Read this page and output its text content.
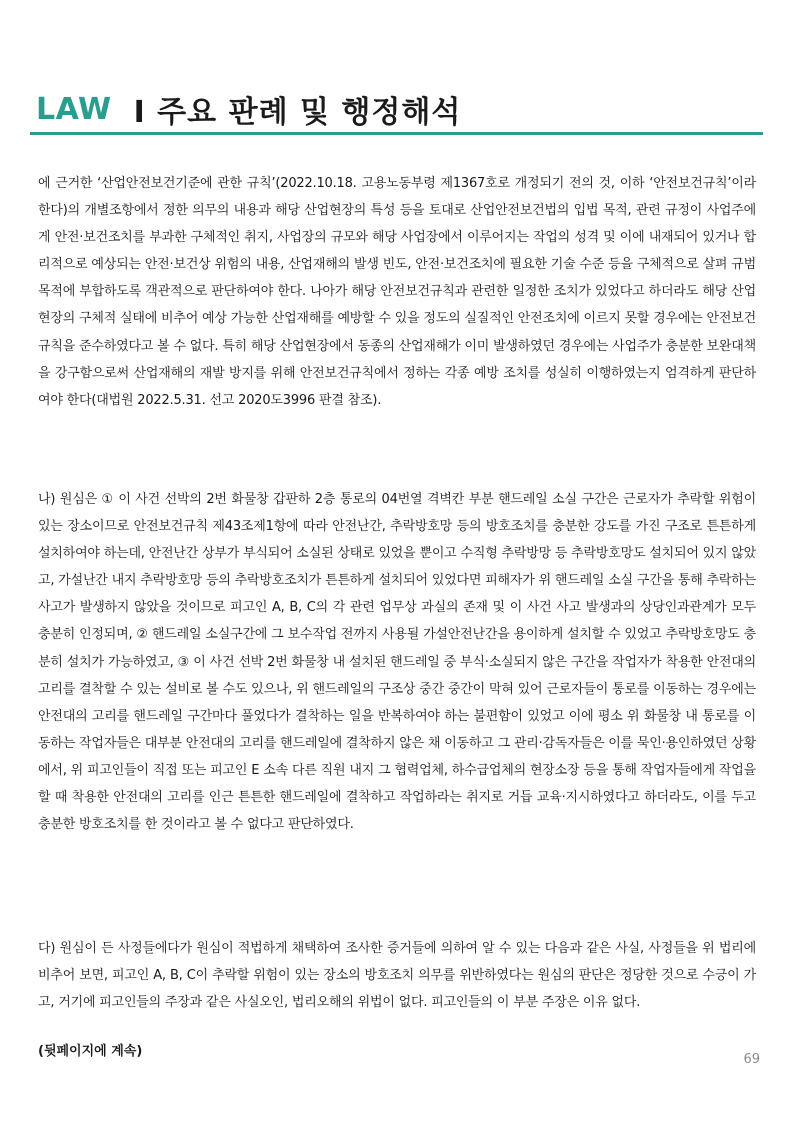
LAW Ⅰ 주요 판례 및 행정해석

에 근거한 ‘산업안전보건기준에 관한 규칙’(2022.10.18. 고용노동부령 제1367호로 개정되기 전의 것, 이하 ‘안전보건규칙’이라 한다)의 개별조항에서 정한 의무의 내용과 해당 산업현장의 특성 등을 토대로 산업안전보건법의 입법 목적, 관련 규정이 사업주에게 안전·보건조치를 부과한 구체적인 취지, 사업장의 규모와 해당 사업장에서 이루어지는 작업의 성격 및 이에 내재되어 있거나 합리적으로 예상되는 안전·보건상 위험의 내용, 산업재해의 발생 빈도, 안전·보건조치에 필요한 기술 수준 등을 구체적으로 살펴 규범목적에 부합하도록 객관적으로 판단하여야 한다. 나아가 해당 안전보건규칙과 관련한 일정한 조치가 있었다고 하더라도 해당 산업현장의 구체적 실태에 비추어 예상 가능한 산업재해를 예방할 수 있을 정도의 실질적인 안전조치에 이르지 못할 경우에는 안전보건규칙을 준수하였다고 볼 수 없다. 특히 해당 산업현장에서 동종의 산업재해가 이미 발생하였던 경우에는 사업주가 충분한 보완대책을 강구함으로써 산업재해의 재발 방지를 위해 안전보건규칙에서 정하는 각종 예방 조치를 성실히 이행하였는지 엄격하게 판단하여야 한다(대법원 2022.5.31. 선고 2020도3996 판결 참조).

나) 원심은 ① 이 사건 선박의 2번 화물창 갑판하 2층 통로의 04번열 격벽칸 부분 핸드레일 소실 구간은 근로자가 추락할 위험이 있는 장소이므로 안전보건규칙 제43조제1항에 따라 안전난간, 추락방호망 등의 방호조치를 충분한 강도를 가진 구조로 튼튼하게 설치하여야 하는데, 안전난간 상부가 부식되어 소실된 상태로 있었을 뿐이고 수직형 추락방망 등 추락방호망도 설치되어 있지 않았고, 가설난간 내지 추락방호망 등의 추락방호조치가 튼튼하게 설치되어 있었다면 피해자가 위 핸드레일 소실 구간을 통해 추락하는 사고가 발생하지 않았을 것이므로 피고인 A, B, C의 각 관련 업무상 과실의 존재 및 이 사건 사고 발생과의 상당인과관계가 모두 충분히 인정되며, ② 핸드레일 소실구간에 그 보수작업 전까지 사용될 가설안전난간을 용이하게 설치할 수 있었고 추락방호망도 충분히 설치가 가능하였고, ③ 이 사건 선박 2번 화물창 내 설치된 핸드레일 중 부식·소실되지 않은 구간을 작업자가 착용한 안전대의 고리를 결착할 수 있는 설비로 볼 수도 있으나, 위 핸드레일의 구조상 중간 중간이 막혀 있어 근로자들이 통로를 이동하는 경우에는 안전대의 고리를 핸드레일 구간마다 풀었다가 결착하는 일을 반복하여야 하는 불편함이 있었고 이에 평소 위 화물창 내 통로를 이동하는 작업자들은 대부분 안전대의 고리를 핸드레일에 결착하지 않은 채 이동하고 그 관리·감독자들은 이를 묵인·용인하였던 상황에서, 위 피고인들이 직접 또는 피고인 E 소속 다른 직원 내지 그 협력업체, 하수급업체의 현장소장 등을 통해 작업자들에게 작업을 할 때 착용한 안전대의 고리를 인근 튼튼한 핸드레일에 결착하고 작업하라는 취지로 거듭 교육·지시하였다고 하더라도, 이를 두고 충분한 방호조치를 한 것이라고 볼 수 없다고 판단하였다.

다) 원심이 든 사정들에다가 원심이 적법하게 채택하여 조사한 증거들에 의하여 알 수 있는 다음과 같은 사실, 사정들을 위 법리에 비추어 보면, 피고인 A, B, C이 추락할 위험이 있는 장소의 방호조치 의무를 위반하였다는 원심의 판단은 정당한 것으로 수긍이 가고, 거기에 피고인들의 주장과 같은 사실오인, 법리오해의 위법이 없다. 피고인들의 이 부분 주장은 이유 없다.

(뒷페이지에 계속)

69
